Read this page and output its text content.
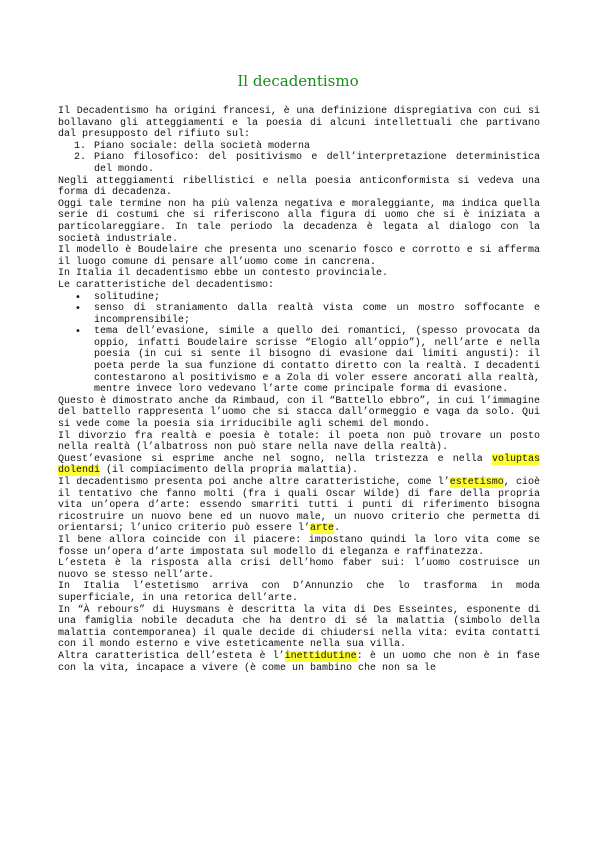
Il decadentismo

Il Decadentismo ha origini francesi, è una definizione dispregiativa con cui si bollavano gli atteggiamenti e la poesia di alcuni intellettuali che partivano dal presupposto del rifiuto sul:

1. Piano sociale: della società moderna
2. Piano filosofico: del positivismo e dell’interpretazione deterministica del mondo.

Negli atteggiamenti ribellistici e nella poesia anticonformista si vedeva una forma di decadenza.

Oggi tale termine non ha più valenza negativa e moraleggiante, ma indica quella serie di costumi che si riferiscono alla figura di uomo che si è iniziata a particolareggiare. In tale periodo la decadenza è legata al dialogo con la società industriale.

Il modello è Boudelaire che presenta uno scenario fosco e corrotto e si afferma il luogo comune di pensare all’uomo come in cancrena.

In Italia il decadentismo ebbe un contesto provinciale.

Le caratteristiche del decadentismo:

• solitudine;
• senso di straniamento dalla realtà vista come un mostro soffocante e incomprensibile;
• tema dell’evasione, simile a quello dei romantici, (spesso provocata da oppio, infatti Boudelaire scrisse “Elogio all’oppio”), nell’arte e nella poesia (in cui si sente il bisogno di evasione dai limiti angusti): il poeta perde la sua funzione di contatto diretto con la realtà. I decadenti contestarono al positivismo e a Zola di voler essere ancorati alla realtà, mentre invece loro vedevano l’arte come principale forma di evasione.

Questo è dimostrato anche da Rimbaud, con il “Battello ebbro”, in cui l’immagine del battello rappresenta l’uomo che si stacca dall’ormeggio e vaga da solo. Qui si vede come la poesia sia irriducibile agli schemi del mondo.

Il divorzio fra realtà e poesia è totale: il poeta non può trovare un posto nella realtà (l’albatross non può stare nella nave della realtà).

Quest’evasione si esprime anche nel sogno, nella tristezza e nella voluptas dolendi (il compiacimento della propria malattia).

Il decadentismo presenta poi anche altre caratteristiche, come l’estetismo, cioè il tentativo che fanno molti (fra i quali Oscar Wilde) di fare della propria vita un’opera d’arte: essendo smarriti tutti i punti di riferimento bisogna ricostruire un nuovo bene ed un nuovo male, un nuovo criterio che permetta di orientarsi; l’unico criterio può essere l’arte.

Il bene allora coincide con il piacere: impostano quindi la loro vita come se fosse un’opera d’arte impostata sul modello di eleganza e raffinatezza.

L’esteta è la risposta alla crisi dell’homo faber sui: l’uomo costruisce un nuovo se stesso nell’arte.

In Italia l’estetismo arriva con D’Annunzio che lo trasforma in moda superficiale, in una retorica dell’arte.

In “À rebours” di Huysmans è descritta la vita di Des Esseintes, esponente di una famiglia nobile decaduta che ha dentro di sé la malattia (simbolo della malattia contemporanea) il quale decide di chiudersi nella vita: evita contatti con il mondo esterno e vive esteticamente nella sua villa.

Altra caratteristica dell’esteta è l’inettidutine: è un uomo che non è in fase con la vita, incapace a vivere (è come un bambino che non sa le
